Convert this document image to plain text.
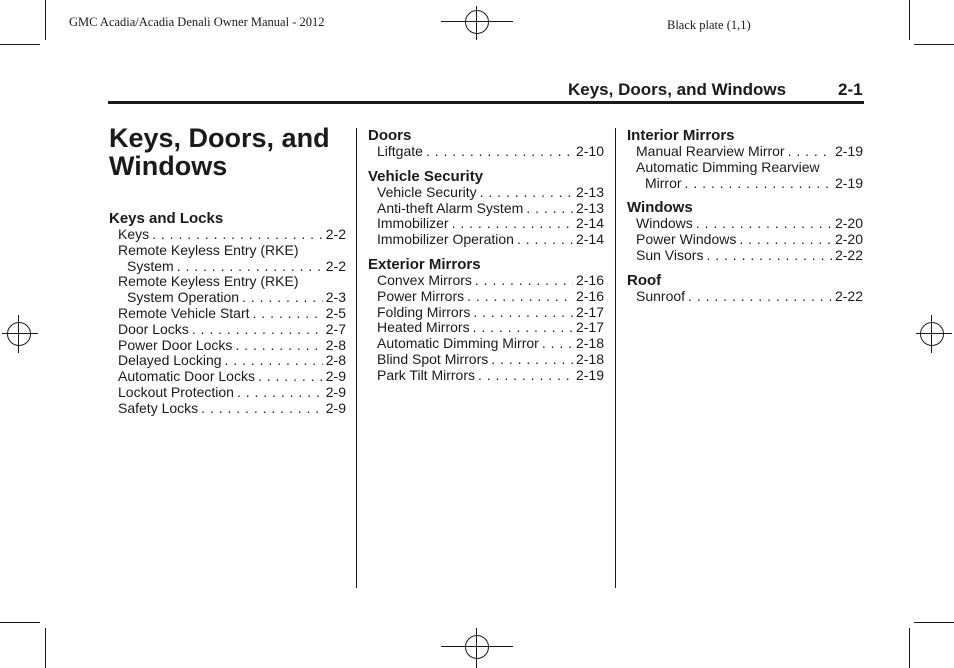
GMC Acadia/Acadia Denali Owner Manual - 2012	Black plate (1,1)
Keys, Doors, and Windows	2-1
Keys, Doors, and Windows
Keys and Locks
Keys . . .	2-2
Remote Keyless Entry (RKE)
System . . .	2-2
Remote Keyless Entry (RKE)
System Operation . . .	2-3
Remote Vehicle Start . . .	2-5
Door Locks . . .	2-7
Power Door Locks . . .	2-8
Delayed Locking . . .	2-8
Automatic Door Locks . . .	2-9
Lockout Protection . . .	2-9
Safety Locks . . .	2-9
Doors
Liftgate . . .	2-10
Vehicle Security
Vehicle Security . . .	2-13
Anti-theft Alarm System . . .	2-13
Immobilizer . . .	2-14
Immobilizer Operation . . .	2-14
Exterior Mirrors
Convex Mirrors . . .	2-16
Power Mirrors . . .	2-16
Folding Mirrors . . .	2-17
Heated Mirrors . . .	2-17
Automatic Dimming Mirror . . .	2-18
Blind Spot Mirrors . . .	2-18
Park Tilt Mirrors . . .	2-19
Interior Mirrors
Manual Rearview Mirror . . .	2-19
Automatic Dimming Rearview
Mirror . . .	2-19
Windows
Windows . . .	2-20
Power Windows . . .	2-20
Sun Visors . . .	2-22
Roof
Sunroof . . .	2-22
